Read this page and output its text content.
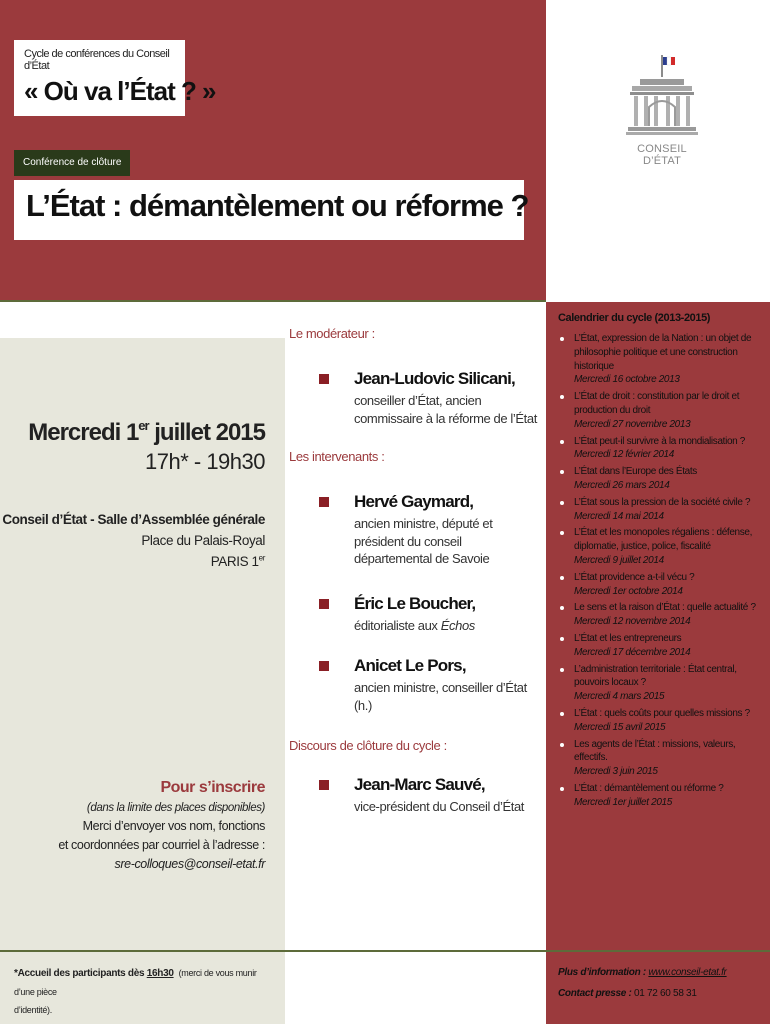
Cycle de conférences du Conseil d’État
« Où va l’État ? »
Conférence de clôture
L’État : démantèlement ou réforme ?
CONSEIL D’ÉTAT
Mercredi 1er juillet 2015
17h* - 19h30
Conseil d’État - Salle d’Assemblée générale
Place du Palais-Royal
PARIS 1er
Pour s’inscrire
(dans la limite des places disponibles)
Merci d’envoyer vos nom, fonctions
et coordonnées par courriel à l’adresse :
sre-colloques@conseil-etat.fr
Le modérateur :
Jean-Ludovic Silicani,
conseiller d’État, ancien commissaire à la réforme de l’État
Les intervenants :
Hervé Gaymard,
ancien ministre, député et président du conseil départemental de Savoie
Éric Le Boucher,
éditorialiste aux Échos
Anicet Le Pors,
ancien ministre, conseiller d’État (h.)
Discours de clôture du cycle :
Jean-Marc Sauvé,
vice-président du Conseil d’État
Calendrier du cycle (2013-2015)
L’État, expression de la Nation : un objet de philosophie politique et une construction historique
Mercredi 16 octobre 2013
L’État de droit : constitution par le droit et production du droit
Mercredi 27 novembre 2013
L’État peut-il survivre à la mondialisation ?
Mercredi 12 février 2014
L’État dans l’Europe des États
Mercredi 26 mars 2014
L’État sous la pression de la société civile ?
Mercredi 14 mai 2014
L’État et les monopoles régaliens : défense, diplomatie, justice, police, fiscalité
Mercredi 9 juillet 2014
L’État providence a-t-il vécu ?
Mercredi 1er octobre 2014
Le sens et la raison d’État : quelle actualité ?
Mercredi 12 novembre 2014
L’État et les entrepreneurs
Mercredi 17 décembre 2014
L’administration territoriale : État central, pouvoirs locaux ?
Mercredi 4 mars 2015
L’État : quels coûts pour quelles missions ?
Mercredi 15 avril 2015
Les agents de l’État : missions, valeurs, effectifs.
Mercredi 3 juin 2015
L’État : démantèlement ou réforme ?
Mercredi 1er juillet 2015
Plus d’information : www.conseil-etat.fr
Contact presse : 01 72 60 58 31
*Accueil des participants dès 16h30 (merci de vous munir d’une pièce
d’identité).
